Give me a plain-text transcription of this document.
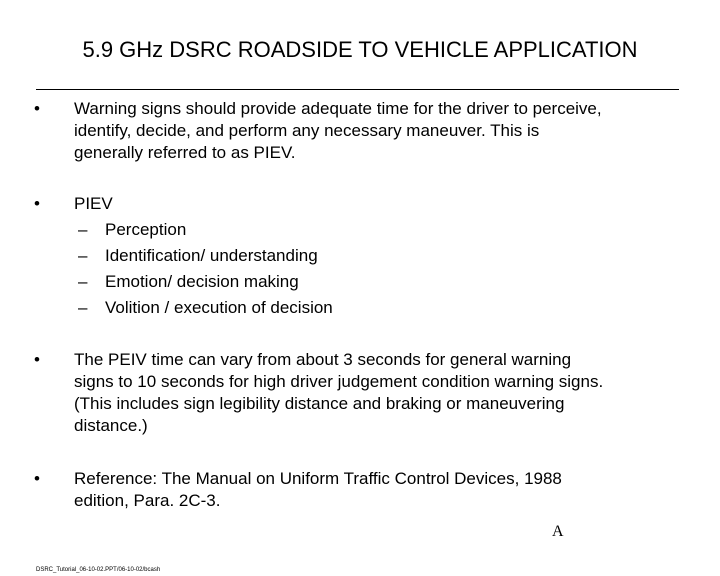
5.9 GHz DSRC ROADSIDE TO VEHICLE APPLICATION
•	Warning signs should provide adequate time for the driver to perceive,
identify, decide, and perform any necessary maneuver. This is
generally referred to as PIEV.
•	PIEV
– Perception
– Identification/ understanding
– Emotion/ decision making
– Volition / execution of decision
•	The PEIV time can vary from about 3 seconds for general warning
signs to 10 seconds for high driver judgement condition warning signs.
(This includes sign legibility distance and braking or maneuvering
distance.)
•	Reference: The Manual on Uniform Traffic Control Devices, 1988
edition, Para. 2C-3.
A
DSRC_Tutorial_06-10-02.PPT/06-10-02/bcash
